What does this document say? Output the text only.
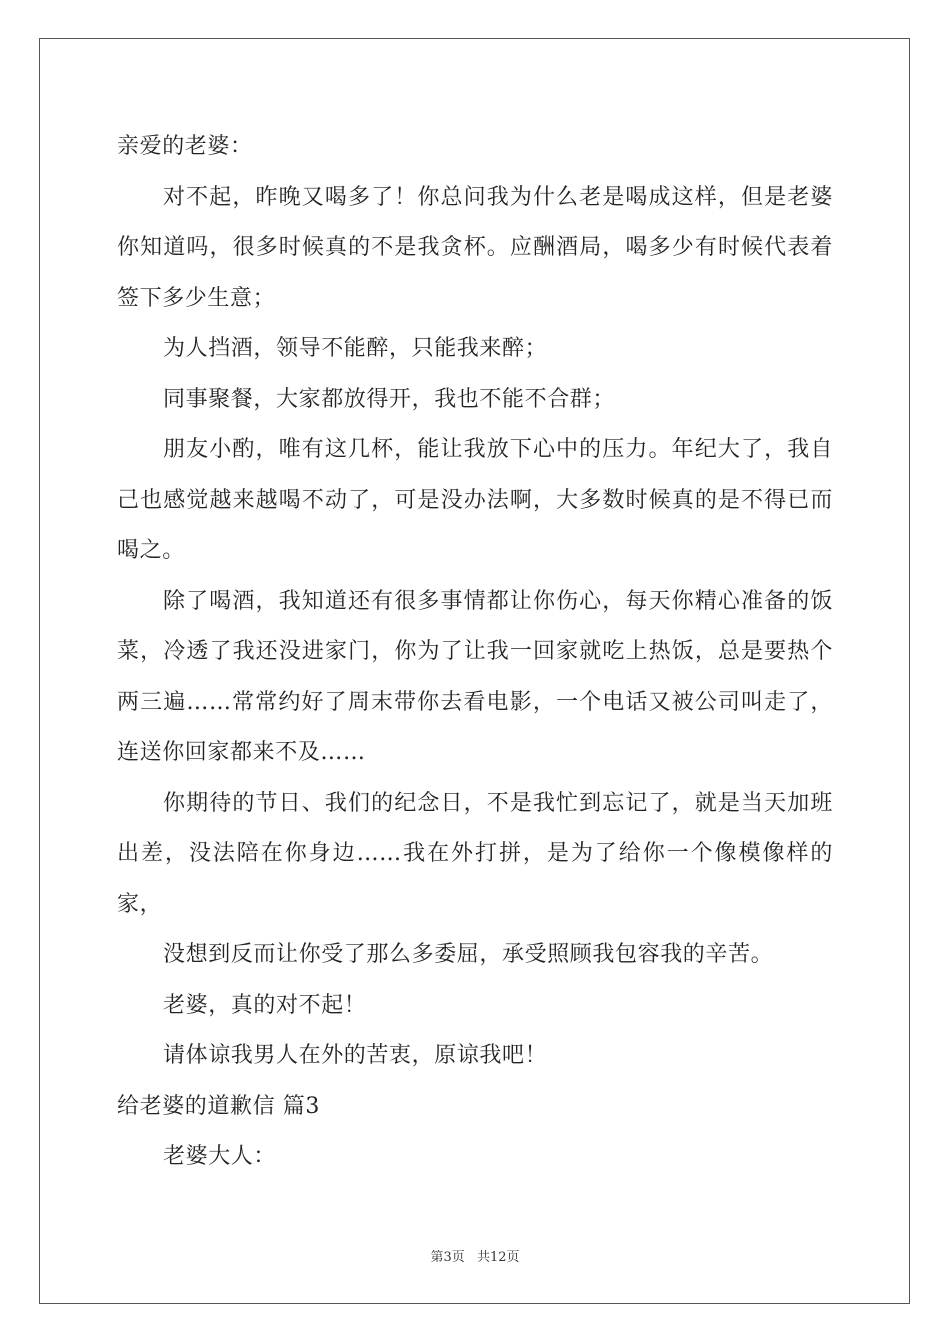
亲爱的老婆：

对不起，昨晚又喝多了！你总问我为什么老是喝成这样，但是老婆你知道吗，很多时候真的不是我贪杯。应酬酒局，喝多少有时候代表着签下多少生意；

为人挡酒，领导不能醉，只能我来醉；

同事聚餐，大家都放得开，我也不能不合群；

朋友小酌，唯有这几杯，能让我放下心中的压力。年纪大了，我自己也感觉越来越喝不动了，可是没办法啊，大多数时候真的是不得已而喝之。

除了喝酒，我知道还有很多事情都让你伤心，每天你精心准备的饭菜，冷透了我还没进家门，你为了让我一回家就吃上热饭，总是要热个两三遍……常常约好了周末带你去看电影，一个电话又被公司叫走了，连送你回家都来不及……

你期待的节日、我们的纪念日，不是我忙到忘记了，就是当天加班出差，没法陪在你身边……我在外打拼，是为了给你一个像模像样的家，

没想到反而让你受了那么多委屈，承受照顾我包容我的辛苦。

老婆，真的对不起！

请体谅我男人在外的苦衷，原谅我吧！

给老婆的道歉信 篇3

老婆大人：

第3页 共12页
